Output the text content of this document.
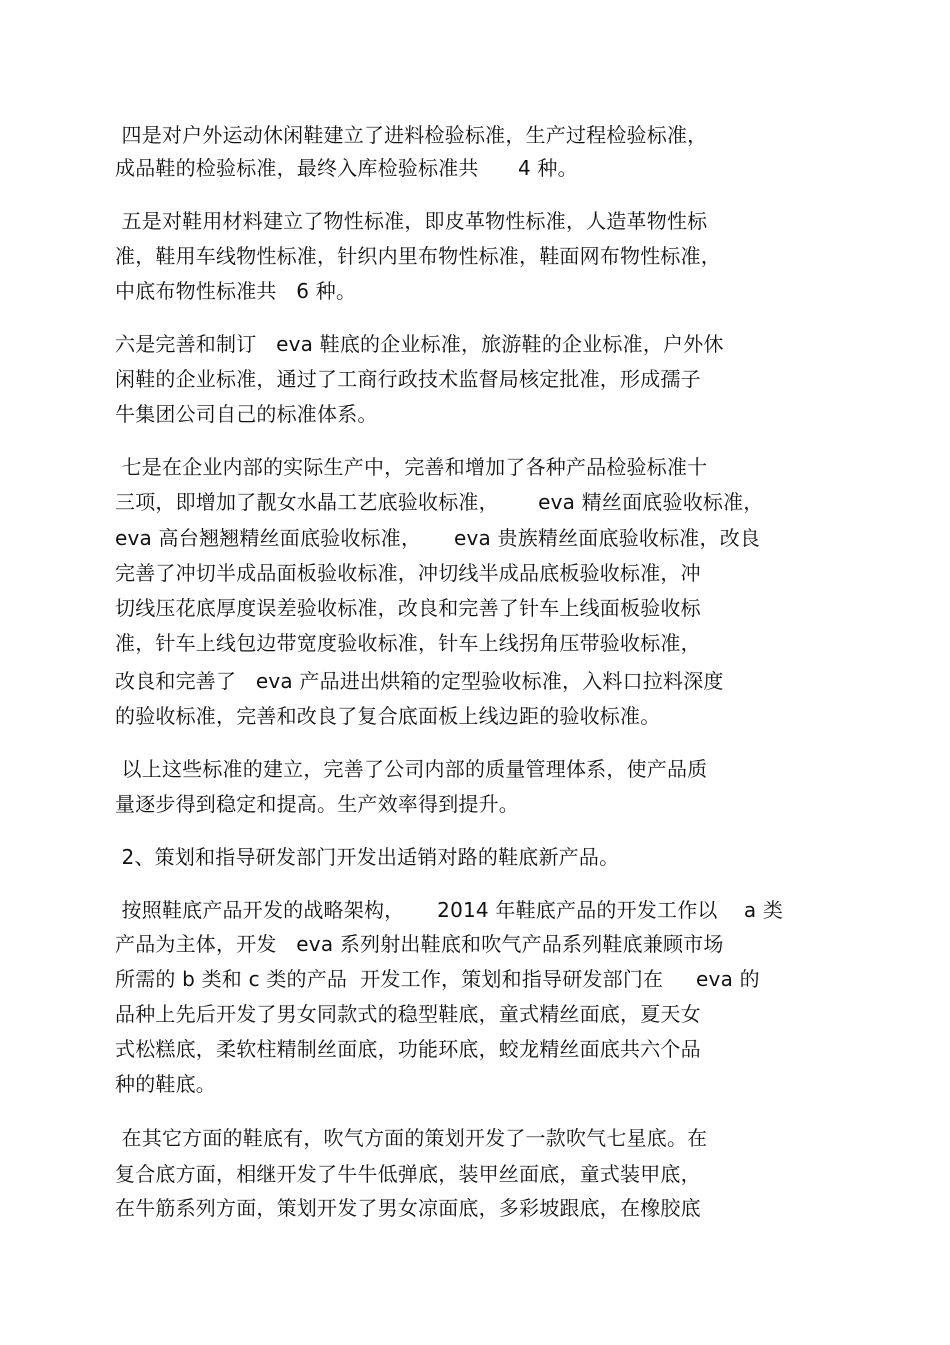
四是对户外运动休闲鞋建立了进料检验标准，生产过程检验标准，
成品鞋的检验标准，最终入库检验标准共      4 种。
五是对鞋用材料建立了物性标准，即皮革物性标准，人造革物性标
准，鞋用车线物性标准，针织内里布物性标准，鞋面网布物性标准，
中底布物性标准共   6 种。
六是完善和制订   eva 鞋底的企业标准，旅游鞋的企业标准，户外休
闲鞋的企业标准，通过了工商行政技术监督局核定批准，形成孺子
牛集团公司自己的标准体系。
七是在企业内部的实际生产中，完善和增加了各种产品检验标准十
三项，即增加了靓女水晶工艺底验收标准，      eva 精丝面底验收标准，
eva 高台翘翘精丝面底验收标准，     eva 贵族精丝面底验收标准，改良
完善了冲切半成品面板验收标准，冲切线半成品底板验收标准，冲
切线压花底厚度误差验收标准，改良和完善了针车上线面板验收标
准，针车上线包边带宽度验收标准，针车上线拐角压带验收标准，
改良和完善了   eva 产品进出烘箱的定型验收标准，入料口拉料深度
的验收标准，完善和改良了复合底面板上线边距的验收标准。
以上这些标准的建立，完善了公司内部的质量管理体系，使产品质
量逐步得到稳定和提高。生产效率得到提升。
2、策划和指导研发部门开发出适销对路的鞋底新产品。
按照鞋底产品开发的战略架构，     2014 年鞋底产品的开发工作以    a 类
产品为主体，开发   eva 系列射出鞋底和吹气产品系列鞋底兼顾市场
所需的 b 类和 c 类的产品  开发工作，策划和指导研发部门在     eva 的
品种上先后开发了男女同款式的稳型鞋底，童式精丝面底，夏天女
式松糕底，柔软柱精制丝面底，功能环底，蛟龙精丝面底共六个品
种的鞋底。
在其它方面的鞋底有，吹气方面的策划开发了一款吹气七星底。在
复合底方面，相继开发了牛牛低弹底，装甲丝面底，童式装甲底，
在牛筋系列方面，策划开发了男女凉面底，多彩坡跟底，在橡胶底
